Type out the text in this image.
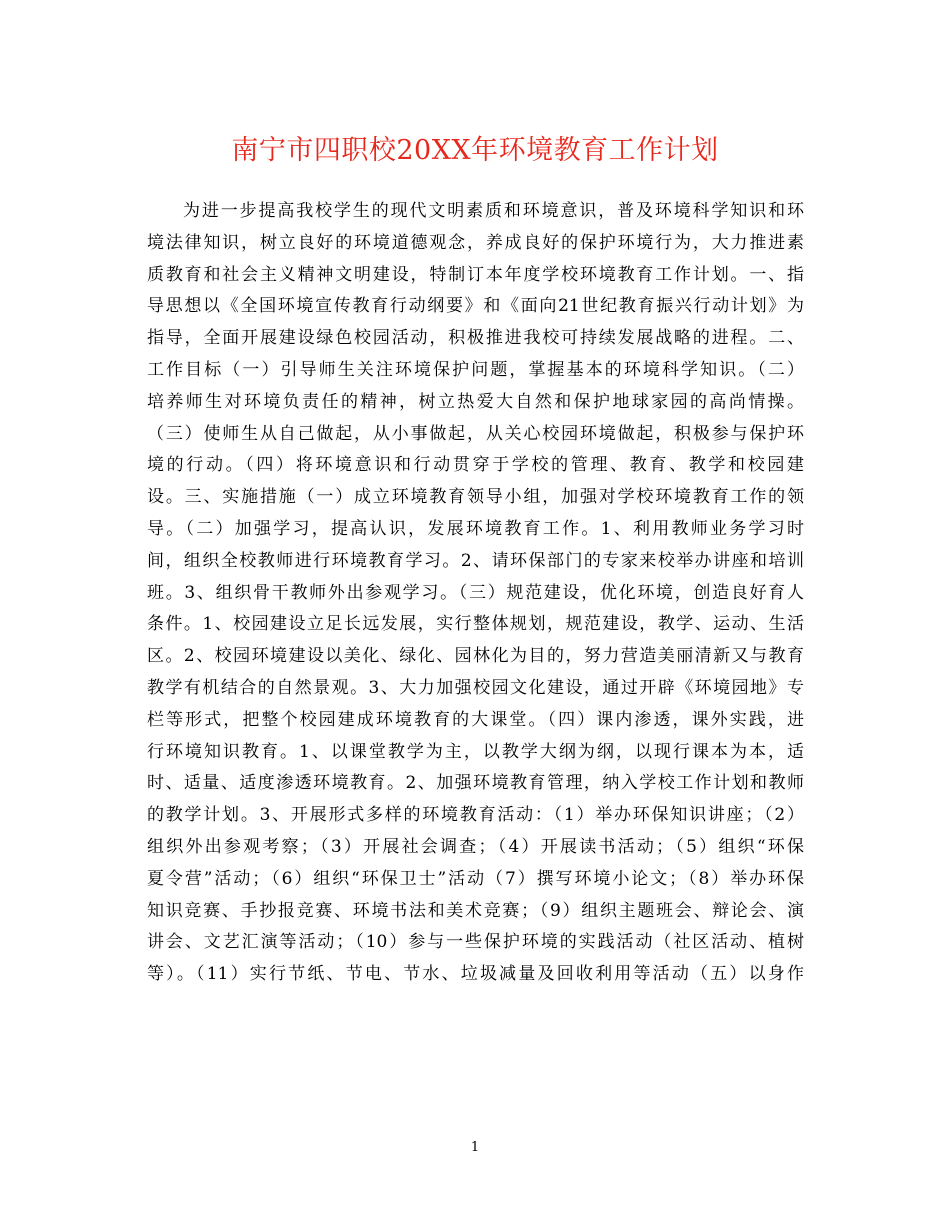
南宁市四职校20XX年环境教育工作计划
为进一步提高我校学生的现代文明素质和环境意识，普及环境科学知识和环
境法律知识，树立良好的环境道德观念，养成良好的保护环境行为，大力推进素
质教育和社会主义精神文明建设，特制订本年度学校环境教育工作计划。一、指
导思想以《全国环境宣传教育行动纲要》和《面向21世纪教育振兴行动计划》为
指导，全面开展建设绿色校园活动，积极推进我校可持续发展战略的进程。二、
工作目标（一）引导师生关注环境保护问题，掌握基本的环境科学知识。（二）
培养师生对环境负责任的精神，树立热爱大自然和保护地球家园的高尚情操。
（三）使师生从自己做起，从小事做起，从关心校园环境做起，积极参与保护环
境的行动。（四）将环境意识和行动贯穿于学校的管理、教育、教学和校园建
设。三、实施措施（一）成立环境教育领导小组，加强对学校环境教育工作的领
导。（二）加强学习，提高认识，发展环境教育工作。1、利用教师业务学习时
间，组织全校教师进行环境教育学习。2、请环保部门的专家来校举办讲座和培训
班。3、组织骨干教师外出参观学习。（三）规范建设，优化环境，创造良好育人
条件。1、校园建设立足长远发展，实行整体规划，规范建设，教学、运动、生活
区。2、校园环境建设以美化、绿化、园林化为目的，努力营造美丽清新又与教育
教学有机结合的自然景观。3、大力加强校园文化建设，通过开辟《环境园地》专
栏等形式，把整个校园建成环境教育的大课堂。（四）课内渗透，课外实践，进
行环境知识教育。1、以课堂教学为主，以教学大纲为纲，以现行课本为本，适
时、适量、适度渗透环境教育。2、加强环境教育管理，纳入学校工作计划和教师
的教学计划。3、开展形式多样的环境教育活动：（1）举办环保知识讲座；（2）
组织外出参观考察；（3）开展社会调查；（4）开展读书活动；（5）组织“环保
夏令营”活动；（6）组织“环保卫士”活动（7）撰写环境小论文；（8）举办环保
知识竞赛、手抄报竞赛、环境书法和美术竞赛；（9）组织主题班会、辩论会、演
讲会、文艺汇演等活动；（10）参与一些保护环境的实践活动（社区活动、植树
等）。（11）实行节纸、节电、节水、垃圾减量及回收利用等活动（五）以身作
1
